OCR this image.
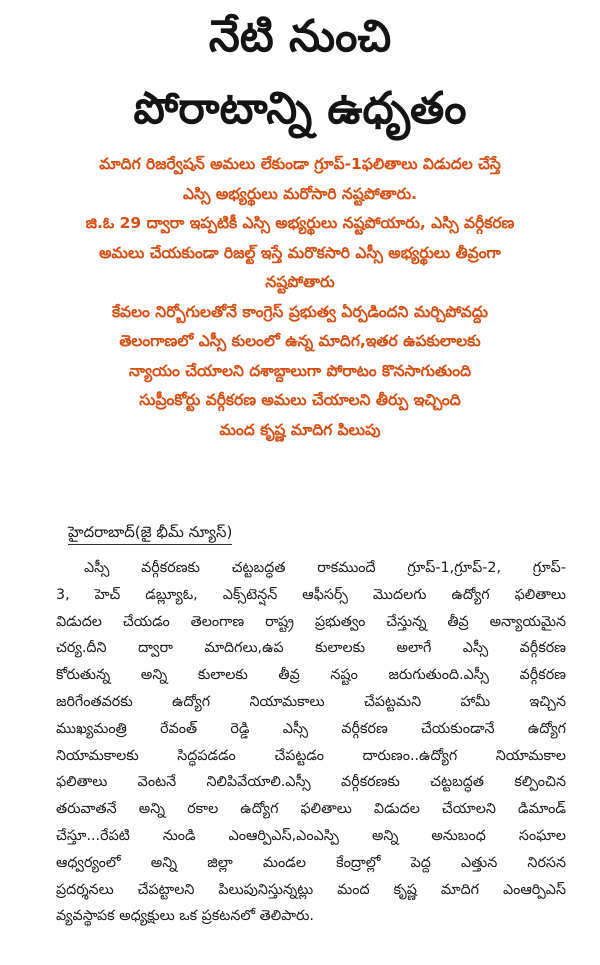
నేటి నుంచి
పోరాటాన్ని ఉధృతం
మాదిగ రిజర్వేషన్ అమలు లేకుండా గ్రూప్-1ఫలితాలు విడుదల చేస్తే
ఎస్సి అభ్యర్థులు మరోసారి నష్టపోతారు.
జి.ఓ 29 ద్వారా ఇప్పటికీ ఎస్సి అభ్యర్థులు నష్టపోయారు, ఎస్సి వర్గీకరణ
అమలు చేయకుండా రిజల్ట్ ఇస్తే మరొకసారి ఎస్సీ అభ్యర్థులు తీవ్రంగా
నష్టపోతారు
కేవలం నిర్బోగులతోనే కాంగ్రెస్ ప్రభుత్వ ఏర్పడిందని మర్చిపోవద్దు
తెలంగాణలో ఎస్సీ కులంలో ఉన్న మాదిగ,ఇతర ఉపకులాలకు
న్యాయం చేయాలని దశాబ్దాలుగా పోరాటం కొనసాగుతుంది
సుప్రీంకోర్టు వర్గీకరణ అమలు చేయాలని తీర్పు ఇచ్చింది
మంద కృష్ణ మాదిగ పిలుపు
హైదరాబాద్(జై భీమ్ న్యూస్)
ఎస్సీ వర్గీకరణకు చట్టబద్ధత రాకముందే గ్రూప్-1,గ్రూప్-2, గ్రూప్-
3, హెచ్ డబ్ల్యూఓ, ఎక్స్‌టెన్షన్ ఆఫీసర్స్ మొదలగు ఉద్యోగ ఫలితాలు
విడుదల చేయడం తెలంగాణ రాష్ట్ర ప్రభుత్వం చేస్తున్న తీవ్ర అన్యాయమైన
చర్య.దీని ద్వారా మాదిగలు,ఉప కులాలకు అలాగే ఎస్సీ వర్గీకరణ
కోరుతున్న అన్ని కులాలకు తీవ్ర నష్టం జరుగుతుంది.ఎస్సీ వర్గీకరణ
జరిగేంతవరకు ఉద్యోగ నియామకాలు చేపట్టమని హామీ ఇచ్చిన
ముఖ్యమంత్రి రేవంత్ రెడ్డి ఎస్సీ వర్గీకరణ చేయకుండానే ఉద్యోగ
నియామకాలకు సిద్ధపడడం చేపట్టడం దారుణం..ఉద్యోగ నియామకాల
ఫలితాలు వెంటనే నిలిపివేయాలి.ఎస్సీ వర్గీకరణకు చట్టబద్ధత కల్పించిన
తరువాతనే అన్ని రకాల ఉద్యోగ ఫలితాలు విడుదల చేయాలని డిమాండ్
చేస్తూ...రేపటి నుండి ఎంఆర్పిఎస్,ఎంఎస్పి అన్ని అనుబంధ సంఘాల
ఆధ్వర్యంలో అన్ని జిల్లా మండల కేంద్రాల్లో పెద్ద ఎత్తున నిరసన
ప్రదర్శనలు చేపట్టాలని పిలుపునిస్తున్నట్లు మంద కృష్ణ మాదిగ ఎంఆర్పిఎస్
వ్యవస్థాపక అధ్యక్షులు ఒక ప్రకటనలో తెలిపారు.
